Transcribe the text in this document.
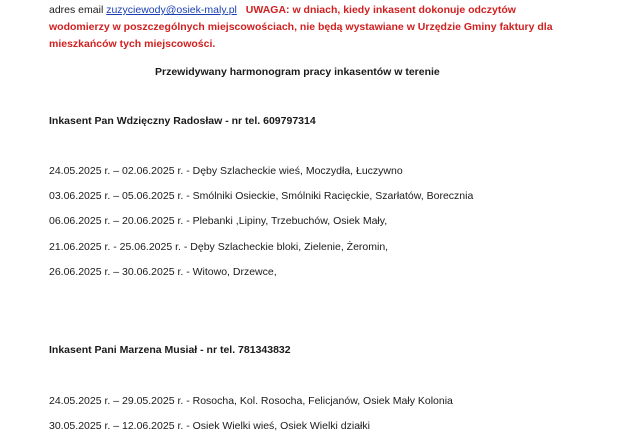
adres email zuzyciewody@osiek-maly.pl UWAGA: w dniach, kiedy inkasent dokonuje odczytów
wodomierzy w poszczególnych miejscowościach, nie będą wystawiane w Urzędzie Gminy faktury dla
mieszkańców tych miejscowości.
Przewidywany harmonogram pracy inkasentów w terenie
Inkasent Pan Wdzięczny Radosław - nr tel. 609797314
24.05.2025 r. – 02.06.2025 r. - Dęby Szlacheckie wieś, Moczydła, Łuczywno
03.06.2025 r. – 05.06.2025 r. - Smólniki Osieckie, Smólniki Racięckie, Szarłatów, Borecznia
06.06.2025 r. – 20.06.2025 r. - Plebanki ,Lipiny, Trzebuchów, Osiek Mały,
21.06.2025 r. - 25.06.2025 r. - Dęby Szlacheckie bloki, Zielenie, Żeromin,
26.06.2025 r. – 30.06.2025 r. - Witowo, Drzewce,
Inkasent Pani Marzena Musiał - nr tel. 781343832
24.05.2025 r. – 29.05.2025 r. - Rosocha, Kol. Rosocha, Felicjanów, Osiek Mały Kolonia
30.05.2025 r. – 12.06.2025 r. - Osiek Wielki wieś, Osiek Wielki działki
